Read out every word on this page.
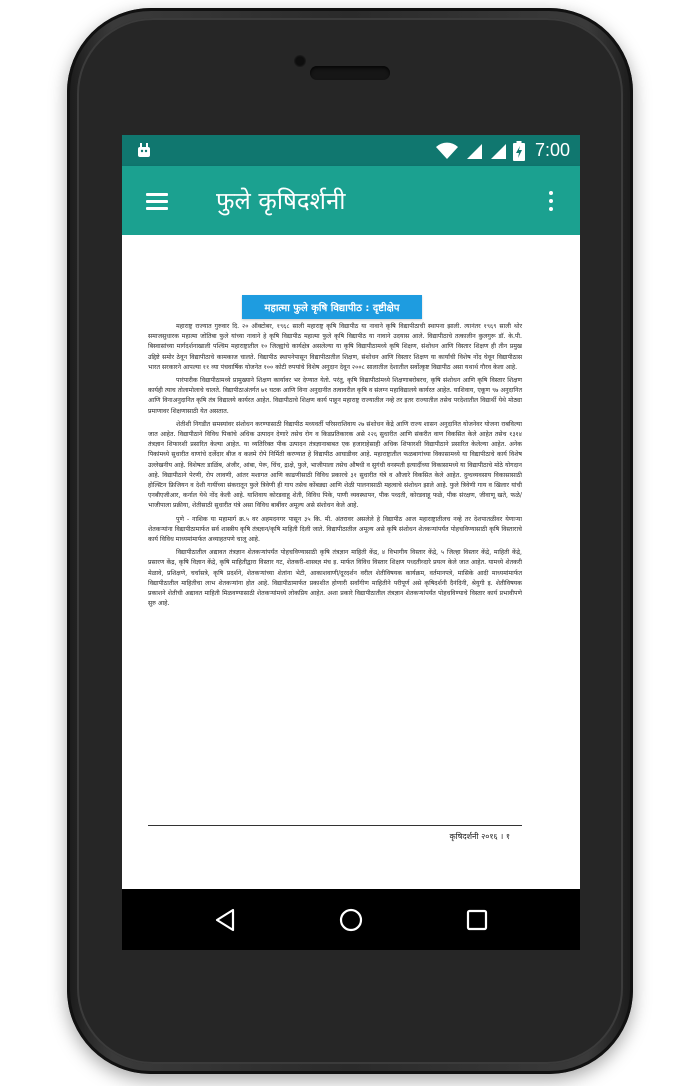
7:00
फुले कृषिदर्शनी
महात्मा फुले कृषि विद्यापीठ : दृष्टीक्षेप

महाराष्ट्र राज्यात गुरुवार दि. २० ऑक्टोबर, १९६८ साली महाराष्ट्र कृषि विद्यापीठ या नावाने कृषि विद्यापीठाची स्थापना झाली. त्यानंतर १९६९ साली थोर समाजसुधारक महात्मा जोतिबा फुले यांच्या नावाने हे कृषि विद्यापीठ महात्मा फुले कृषि विद्यापीठ या नावाने उदयास आले. विद्यापीठाचे तत्कालीन कुलगुरू डॉ. के.पी. बिस्वासांच्या मार्गदर्शनाखाली पश्चिम महाराष्ट्रातील १० जिल्ह्यांचे कार्यक्षेत्र असलेल्या या कृषि विद्यापीठामध्ये कृषि शिक्षण, संशोधन आणि विस्तार शिक्षण ही तीन प्रमुख उद्दिष्टे समोर ठेवून विद्यापीठाचे कामकाज चालते. विद्यापीठ स्थापनेपासून विद्यापीठातील शिक्षण, संशोधन आणि विस्तार शिक्षण या कार्यांची विशेष नोंद घेवून विद्यापीठास भारत सरकारने आपल्या ११ व्या पंचवार्षिक योजनेत १०० कोटी रुपयांचे विशेष अनुदान देवून २००८ सालातील देशातील सर्वोत्कृष्ट विद्यापीठ असा यथार्थ गौरव केला आहे.

पारंपारीक विद्यापीठामध्ये प्रामुख्याने शिक्षण कार्यावर भर देण्यात येतो. परंतु, कृषि विद्यापीठांमध्ये शिक्षणाबरोबरच, कृषि संशोधन आणि कृषि विस्तार शिक्षण कार्यही त्याच तोलामोलाचे चालते. विद्यापीठाअंतर्गत ७१ घटक आणि विना अनुदानीत तत्वावरील कृषि व संलग्न महाविद्यालये कार्यरत आहेत. याशिवाय, एकूण ९७ अनुदानित आणि विनाअनुदानित कृषि तंत्र विद्यालये कार्यरत आहेत. विद्यापीठाचे शिक्षण कार्य पाहून महाराष्ट्र राज्यातील नव्हे तर इतर राज्यातील तसेच परदेशातील विद्यार्थी येथे मोठ्या प्रमाणावर शिक्षणासाठी येत असतात.

शेतीशी निगडीत समस्यांवर संशोधन करण्यासाठी विद्यापीठ मध्यवर्ती परिसराशिवाय २७ संशोधन केंद्रे आणि राज्य शासन अनुदानित योजनेवर योजना राबविल्या जात आहेत. विद्यापीठाने विविध पिकांचे अधिक उत्पादन देणारे तसेच रोग व किडप्रतिकारक असे २२६ सुधारीत आणि संकरीत वाण विकसित केले आहेत तसेच १३१४ तंत्रज्ञान शिफारशी प्रसारित केल्या आहेत. या व्यतिरिक्त पीक उत्पादन तंत्रज्ञानाबाबत एक हजाराहेसाही अधिक शिफारशी विद्यापीठाने प्रसारित केलेल्या आहेत. अनेक पिकांमध्ये सुधारीत वाणांचे दर्जेदार बीज व कलमे रोपे निर्मिती करण्यात हे विद्यापीठ आघाडीवर आहे. महाराष्ट्रातील फळबागांच्या विकासामध्ये या विद्यापीठाचे कार्य विशेष उल्लेखनीय आहे. विशेषतः डाळिंब, अंजीर, आंबा, पेरू, चिंच, द्राक्षे, फुले, भाजीपाला तसेच औषधी व सुगंधी वनस्पती इत्यादींच्या विकासामध्ये या विद्यापीठाचे मोठे योगदान आहे. विद्यापीठाने पेरणी, रोप लावणी, आंतर मशागत आणि काढणीसाठी विविध प्रकारचे ३१ सुधारीत यंत्रे व औजारे विकसित केले आहेत. दुग्धव्यवसाय विकासासाठी होल्स्टिन फ्रिजियन व देशी गायींच्या संकरातून फुले त्रिवेणी ही गाय तसेच कोंबड्या आणि शेळी पालनासाठी महत्वाचे संशोधन झाले आहे. फुले त्रिवेणी गाय व खिलार यांची एनबीएजीआर, कर्नाल येथे नोंद केली आहे. याशिवाय कोरडवाहू शेती, विविध पिके, पाणी व्यवस्थापन, पीक पध्दती, कोरडवाहू फळे, पीक संरक्षण, जीवाणू खते, फळे/भाजीपाला प्रक्रीया, शेतीसाठी सुधारीत यंत्रे असा विविध बाबींवर अमूल्य असे संशोधन केले आहे.

पुणे - नाशिक या महामार्ग क्र.५ वर अहमदनगर पासून ३५ कि. मी. अंतरावर असलेले हे विद्यापीठ आज महाराष्ट्रातीलच नव्हे तर देशपातळीवर येणाऱ्या शेतकऱ्यांना विद्यापीठामार्फत सर्व शास्त्रीय कृषि तंत्रज्ञान/कृषि माहिती दिली जाते. विद्यापीठातील अमूल्य असे कृषि संशोधन शेतकऱ्यांपर्यंत पोहचविण्यासाठी कृषि विस्ताराचे कार्य विविध माध्यमांमार्फत अव्याहतपणे चालू आहे.

विद्यापीठातील अद्यावत तंत्रज्ञान शेतकऱ्यांपर्यंत पोहचविण्यासाठी कृषि तंत्रज्ञान माहिती केंद्र, ४ विभागीय विस्तार केंद्रे, ५ जिल्हा विस्तार केंद्रे, माहिती केंद्रे, प्रसारण केंद्र, कृषि विज्ञान केंद्रे, कृषि माहितीद्वारा विस्तार गट, शेतकरी-शास्त्रज्ञ मंच इ. मार्फत विविध विस्तार शिक्षण पध्दतीव्दारे प्रयत्न केले जात आहेत. यामध्ये शेतकरी मेळावे, प्रशिक्षणे, चर्चासत्रे, कृषि प्रदर्शने, शेतकऱ्यांच्या शेतांना भेटी, आकाशवाणी/दूरदर्शन वरील शेतीविषयक कार्यक्रम, वर्तमानपत्रे, मासिके आदी माध्यमांमार्फत विद्यापीठातील माहितीचा लाभ शेतकऱ्यांना होत आहे. विद्यापीठामार्फत प्रकाशीत होणारी सर्वांगीण माहितीने परीपूर्ण असे कृषिदर्शनी दैनंदिनी, श्रेयुगी इ. शेतीविषयक प्रकाशने शेतीची अद्यावत माहिती मिळवण्यासाठी शेतकऱ्यांमध्ये लोकप्रिय आहेत. अशा प्रकारे विद्यापीठातील तंत्रज्ञान शेतकऱ्यांपर्यंत पोहचविण्याचे विस्तार कार्य प्रभावीपणे सुरु आहे.

कृषिदर्शनी २०१६ । १
